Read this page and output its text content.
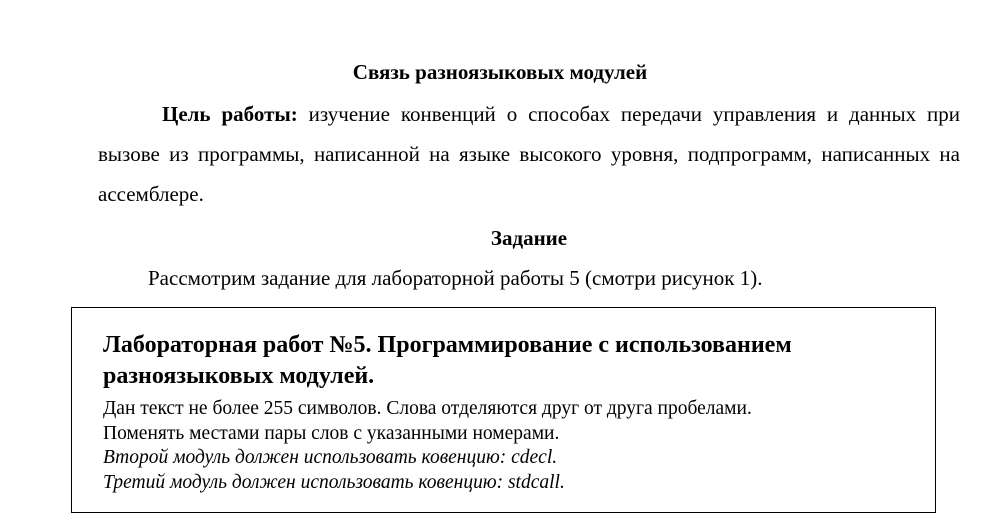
Связь разноязыковых модулей

Цель работы: изучение конвенций о способах передачи управления и данных при вызове из программы, написанной на языке высокого уровня, подпрограмм, написанных на ассемблере.

Задание

Рассмотрим задание для лабораторной работы 5 (смотри рисунок 1).

Лабораторная работ №5. Программирование с использованием разноязыковых модулей.

Дан текст не более 255 символов. Слова отделяются друг от друга пробелами.

Поменять местами пары слов с указанными номерами.

Второй модуль должен использовать ковенцию: cdecl.

Третий модуль должен использовать ковенцию: stdcall.
